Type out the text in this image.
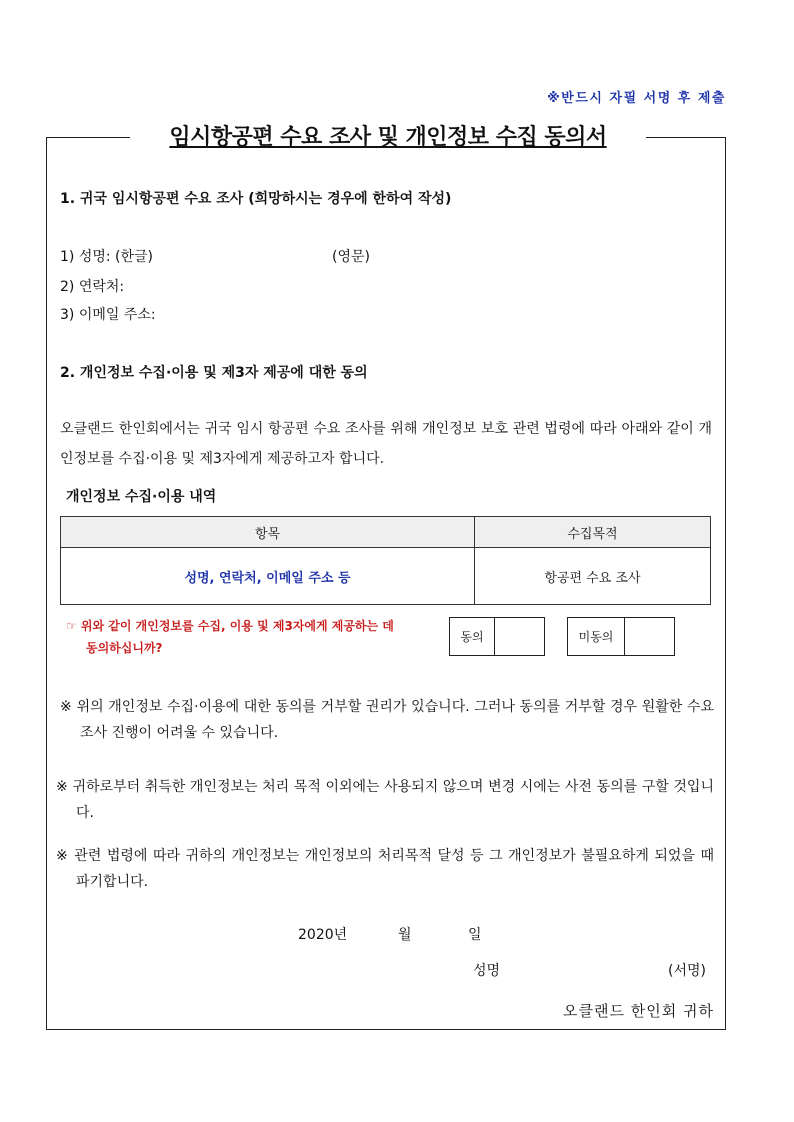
※반드시 자필 서명 후 제출
임시항공편 수요 조사 및 개인정보 수집 동의서
1. 귀국 임시항공편 수요 조사 (희망하시는 경우에 한하여 작성)
1) 성명: (한글)	(영문)
2) 연락처:
3) 이메일 주소:
2. 개인정보 수집·이용 및 제3자 제공에 대한 동의
오클랜드 한인회에서는 귀국 임시 항공편 수요 조사를 위해 개인정보 보호 관련 법령에 따라 아래와 같이 개인정보를 수집·이용 및 제3자에게 제공하고자 합니다.
개인정보 수집·이용 내역
항목	수집목적
성명, 연락처, 이메일 주소 등	항공편 수요 조사
☞ 위와 같이 개인정보를 수집, 이용 및 제3자에게 제공하는 데
동의하십니까?
동의	미동의
※ 위의 개인정보 수집·이용에 대한 동의를 거부할 권리가 있습니다. 그러나 동의를 거부할 경우 원활한 수요 조사 진행이 어려울 수 있습니다.
※ 귀하로부터 취득한 개인정보는 처리 목적 이외에는 사용되지 않으며 변경 시에는 사전 동의를 구할 것입니다.
※ 관련 법령에 따라 귀하의 개인정보는 개인정보의 처리목적 달성 등 그 개인정보가 불필요하게 되었을 때 파기합니다.
2020년	월	일
성명	(서명)
오클랜드 한인회 귀하
